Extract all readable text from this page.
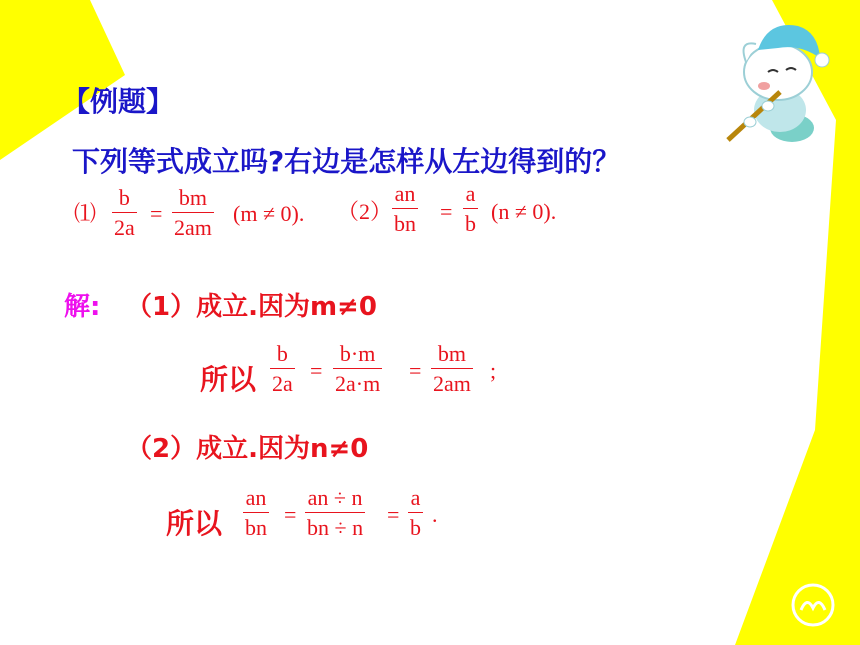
【例题】
下列等式成立吗?右边是怎样从左边得到的？
⑴
b
2a
=
bm
2am
(m ≠ 0). （2）
an
bn =
a
b (n ≠ 0).
解: （1）成立.因为m≠0
所以
b
2a
=
b·m
2a·m
=
bm
2am
;
（2）成立.因为n≠0
所以
an
bn
=
an ÷ n
bn ÷ n
=
a
b
.
